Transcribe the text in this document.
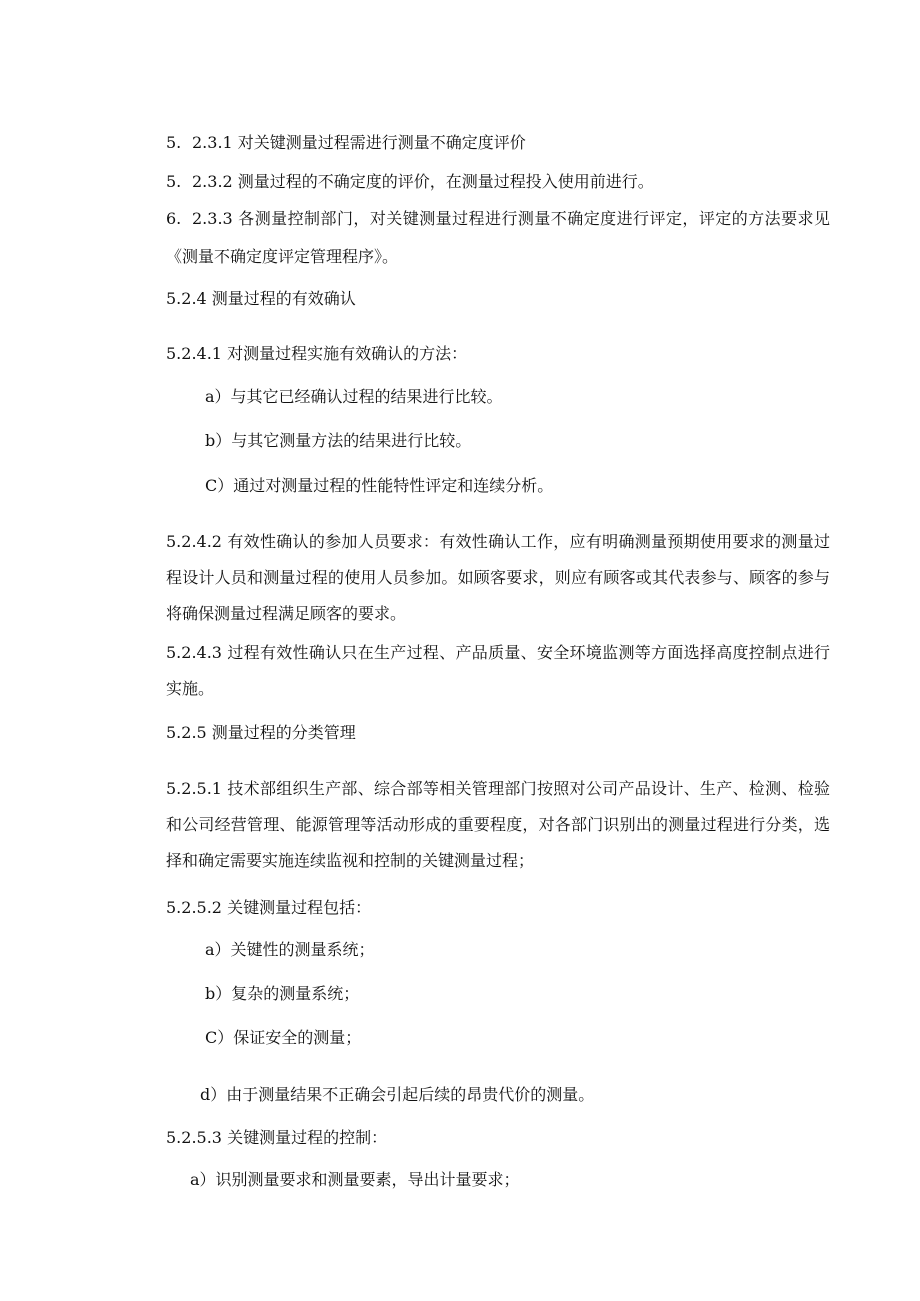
5. 2.3.1 对关键测量过程需进行测量不确定度评价
5. 2.3.2 测量过程的不确定度的评价，在测量过程投入使用前进行。
6. 2.3.3 各测量控制部门，对关键测量过程进行测量不确定度进行评定，评定的方法要求见《测量不确定度评定管理程序》。
5.2.4 测量过程的有效确认
5.2.4.1 对测量过程实施有效确认的方法：
a）与其它已经确认过程的结果进行比较。
b）与其它测量方法的结果进行比较。
C）通过对测量过程的性能特性评定和连续分析。
5.2.4.2 有效性确认的参加人员要求：有效性确认工作，应有明确测量预期使用要求的测量过程设计人员和测量过程的使用人员参加。如顾客要求，则应有顾客或其代表参与、顾客的参与将确保测量过程满足顾客的要求。
5.2.4.3 过程有效性确认只在生产过程、产品质量、安全环境监测等方面选择高度控制点进行实施。
5.2.5 测量过程的分类管理
5.2.5.1 技术部组织生产部、综合部等相关管理部门按照对公司产品设计、生产、检测、检验和公司经营管理、能源管理等活动形成的重要程度，对各部门识别出的测量过程进行分类，选择和确定需要实施连续监视和控制的关键测量过程；
5.2.5.2 关键测量过程包括：
a）关键性的测量系统；
b）复杂的测量系统；
C）保证安全的测量；
d）由于测量结果不正确会引起后续的昂贵代价的测量。
5.2.5.3 关键测量过程的控制：
a）识别测量要求和测量要素，导出计量要求；
